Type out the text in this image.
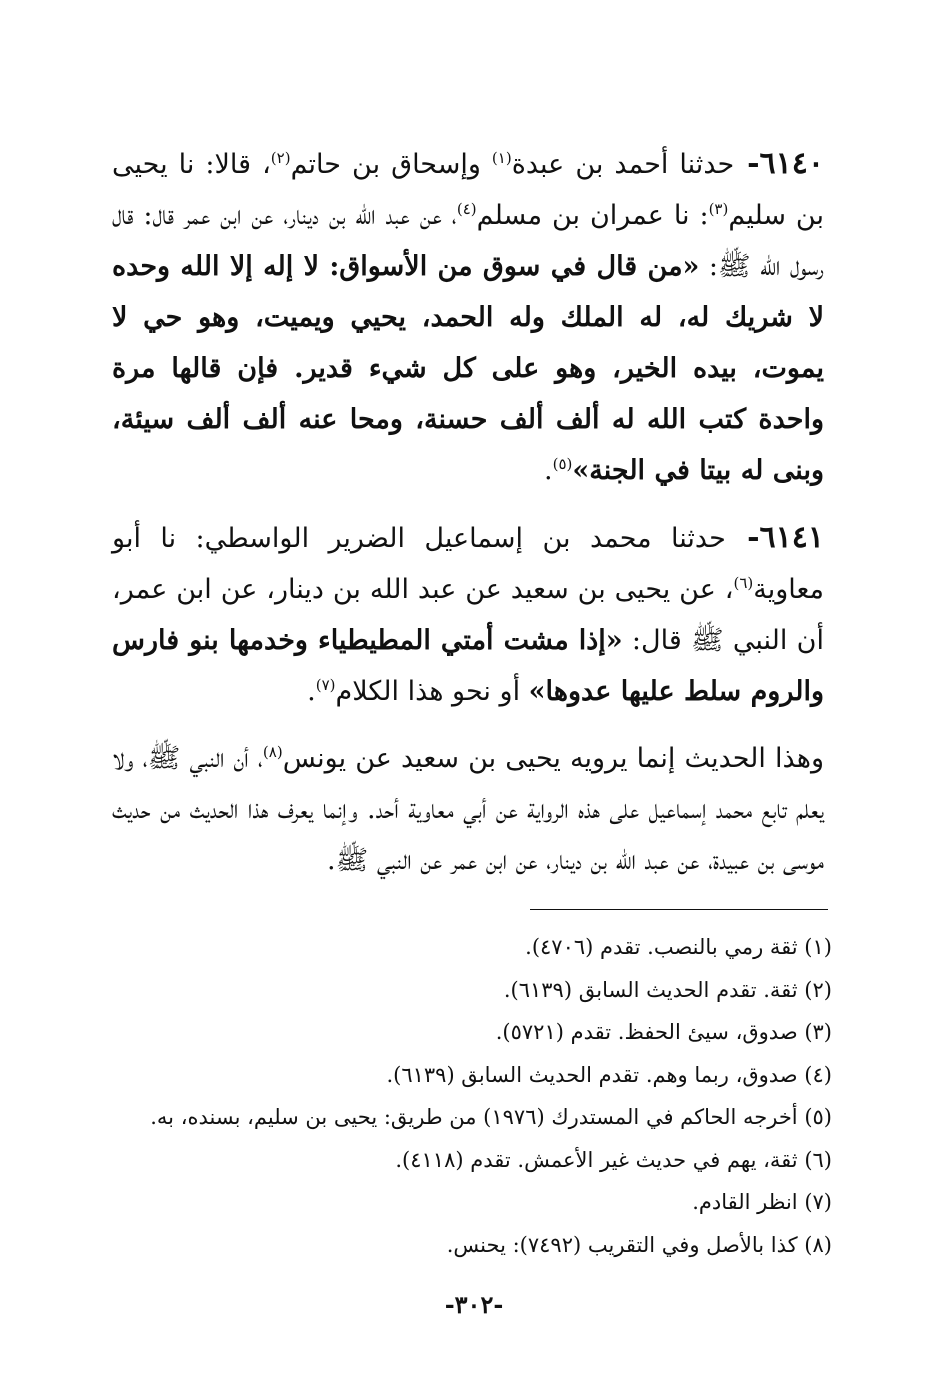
٦١٤٠- حدثنا أحمد بن عبدة$^{(١)}$ وإسحاق بن حاتم$^{(٢)}$، قالا: نا يحيى بن سليم$^{(٣)}$: نا عمران بن مسلم$^{(٤)}$، عن عبد الله بن دينار، عن ابن عمر قال: قال رسول الله ﷺ: «من قال في سوق من الأسواق: لا إله إلا الله وحده لا شريك له، له الملك وله الحمد، يحيي ويميت، وهو حي لا يموت، بيده الخير، وهو على كل شيء قدير. فإن قالها مرة واحدة كتب الله له ألف ألف حسنة، ومحا عنه ألف ألف سيئة، وبنى له بيتا في الجنة»$^{(٥)}$.

٦١٤١- حدثنا محمد بن إسماعيل الضرير الواسطي: نا أبو معاوية$^{(٦)}$، عن يحيى بن سعيد عن عبد الله بن دينار، عن ابن عمر، أن النبي ﷺ قال: «إذا مشت أمتي المطيطياء وخدمها بنو فارس والروم سلط عليها عدوها» أو نحو هذا الكلام$^{(٧)}$.

وهذا الحديث إنما يرويه يحيى بن سعيد عن يونس$^{(٨)}$، أن النبي ﷺ، ولا يعلم تابع محمد إسماعيل على هذه الرواية عن أبي معاوية أحد. وإنما يعرف هذا الحديث من حديث موسى بن عبيدة، عن عبد الله بن دينار، عن ابن عمر عن النبي ﷺ.

(١) ثقة رمي بالنصب. تقدم (٤٧٠٦).
(٢) ثقة. تقدم الحديث السابق (٦١٣٩).
(٣) صدوق، سيئ الحفظ. تقدم (٥٧٢١).
(٤) صدوق، ربما وهم. تقدم الحديث السابق (٦١٣٩).
(٥) أخرجه الحاكم في المستدرك (١٩٧٦) من طريق: يحيى بن سليم، بسنده، به.
(٦) ثقة، يهم في حديث غير الأعمش. تقدم (٤١١٨).
(٧) انظر القادم.
(٨) كذا بالأصل وفي التقريب (٧٤٩٢): يحنس.
-٣٠٢-
